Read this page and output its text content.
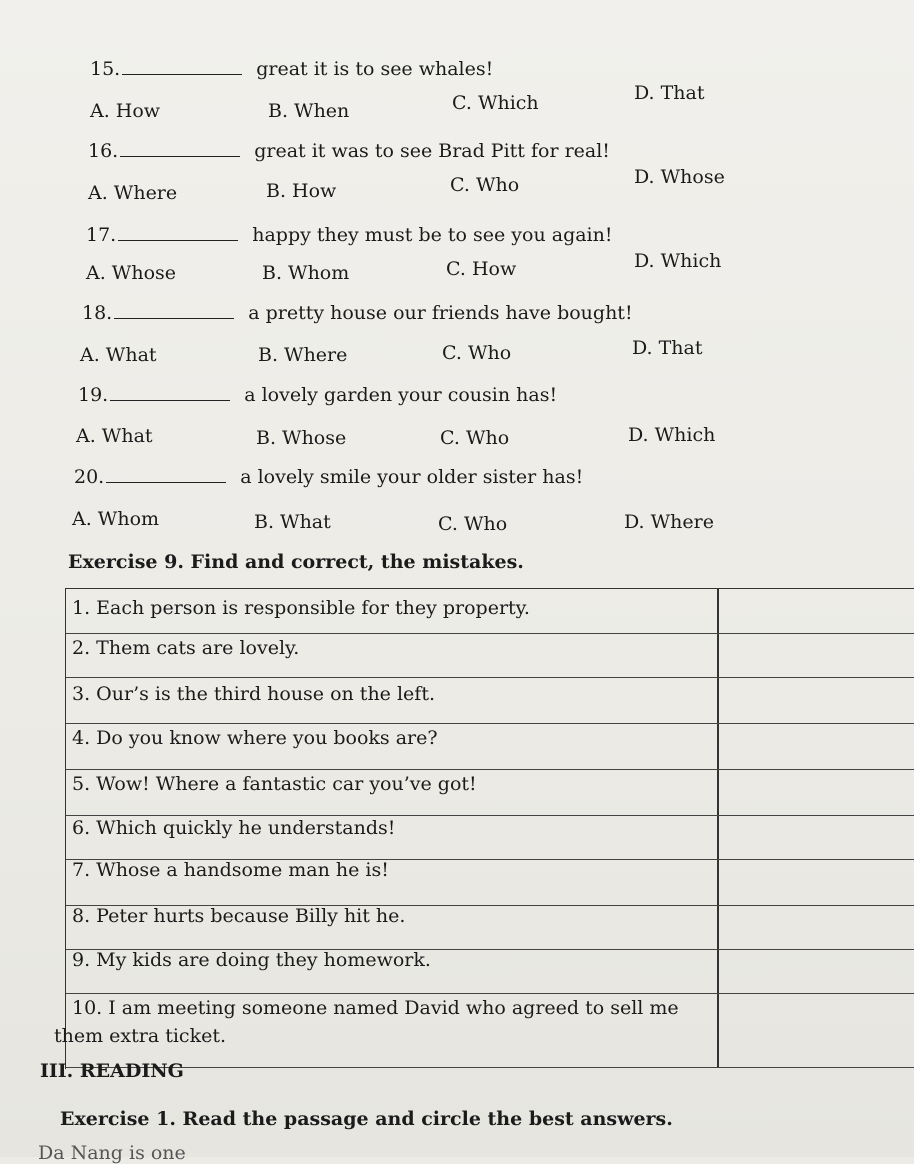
15.	great it is to see whales!
A. How	B. When	C. Which	D. That
16.	great it was to see Brad Pitt for real!
A. Where	B. How	C. Who	D. Whose
17.	happy they must be to see you again!
A. Whose	B. Whom	C. How	D. Which
18.	a pretty house our friends have bought!
A. What	B. Where	C. Who	D. That
19.	a lovely garden your cousin has!
A. What	B. Whose	C. Who	D. Which
20.	a lovely smile your older sister has!
A. Whom	B. What	C. Who	D. Where
Exercise 9. Find and correct, the mistakes.
1. Each person is responsible for they property.
2. Them cats are lovely.
3. Our’s is the third house on the left.
4. Do you know where you books are?
5. Wow! Where a fantastic car you’ve got!
6. Which quickly he understands!
7. Whose a handsome man he is!
8. Peter hurts because Billy hit he.
9. My kids are doing they homework.
10. I am meeting someone named David who agreed to sell me
them extra ticket.
III. READING
Exercise 1. Read the passage and circle the best answers.
Da Nang is one
